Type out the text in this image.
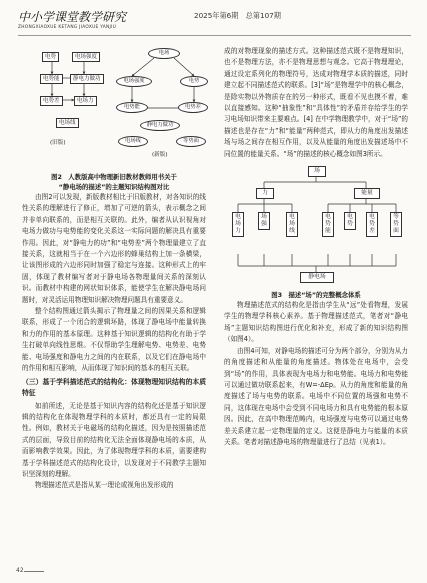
中小学课堂教学研究	2025年第6期　总第107期
ZHONGXIAOXUE KETANG JIAOXUE YANJIU
电势	电场强度
电势能	静电力做功
电势差	电场力
电场线
(旧版)
电场
电场强度	电势
电势能	电势差
静电力做功
电场线	等势面
(新版)
图2　人教版高中物理新旧教材教师用书关于
“静电场的描述”的主题知识结构图对比

由图2可以发现，新版教材相比于旧版教材，对各知识的线性关系的理解进行了修正，增加了可逆的箭头，表示概念之间并非单向联系的，而是相互关联的。此外，编者从认识视角对电场力做功与电势能的变化关系这一实际问题的解决具有重要作用。因此，对“静电力的功”和“电势差”两个物理量建立了直接关系，这就相当于在一个六边形的蜂巢结构上加一条横梁，让该图形成的六边形同时加强了稳定与连接。这种形式上的牢固，体现了教材编写者对于静电场各物理量间关系的深刻认识。而教材中构建的网状知识体系，能使学生在解决静电场问题时，对灵活运用物理知识解决物理问题具有重要意义。

整个结构图通过箭头揭示了物理量之间的因果关系和逻辑联系，形成了一个闭合的逻辑环路，体现了静电场中能量转换和力的作用的基本原理。这种基于知识逻辑的结构化有助于学生打破单向线性思维。不仅帮助学生理解电势、电势差、电势能、电场强度和静电力之间的内在联系，以及它们在静电场中的作用和相互影响，从而体现了知识间的基本的相互关联。

（三）基于学科描述范式的结构化：体现物理知识结构的本质特征

如前所述，无论是基于知识内容的结构化还是基于知识逻辑的结构化在体现物理学科的本质时，都还具有一定的局限性。例如，教材关于电磁场的结构化描述，因为是按照描述范式的层面，导致目前的结构化无法全面体现静电场的本质，从而影响教学效果。因此，为了体现物理学科的本质，需要建构基于学科描述范式的结构化设计，以发现对于不同教学主题知识坚深刻的理解。

物理描述范式是指从某一理论或视角出发形成的

成的对物理现象的描述方式。这种描述范式既不是物理知识，也不是物理方法，亦不是物理思想与观念。它高于物理理论，通过设定系列化的物理符号，达成对物理学本质的描述，同时建立起不同描述范式的联系。[3]“场”是物理学中的核心概念，是除实物以外物质存在的另一种形式，既看不见也摸不着，难以直接感知。这种“抽象性”和“具体性”的矛盾并存给学生的学习电场知识带来主要难点。[4] 在中学物理教学中，对于“场”的描述也是存在“力”和“能量”两种范式，即从力的角度出发描述场与场之间存在相互作用，以及从能量的角度出发描述场中不同位置的能量关系。“场”的描述的核心概念如图3所示。

场
力	能量
电场力
场强
电场线
电势能
电势
电势差
等势面
静电场
图3　描述“场”的完整概念体系

物理描述范式的结构化是指由学生从“远”处看物理，发展学生的物理学科核心素养。基于物理描述范式，笔者对“静电场”主题知识结构图进行优化和补充，形成了新的知识结构图（如图4）。

由图4可知，对静电场的描述可分为两个部分，分别为从力的角度描述和从能量的角度描述。物体处在电场中，会受到“场”的作用，具体表现为电场力和电势能。电场力和电势能可以通过做功联系起来，有W=-ΔEp。从力的角度和能量的角度描述了场与电势的联系。电场中不同位置的场强和电势不同，这体现在电场中会受到不同电场力和具有电势能的根本原因。因此，在高中物理范畴内，电场强度与电势可以通过电势差关系建立起一定物理量的定义。这便是静电力与能量的本质关系。笔者对描述静电场的物理量进行了总结（见表1）。

42
